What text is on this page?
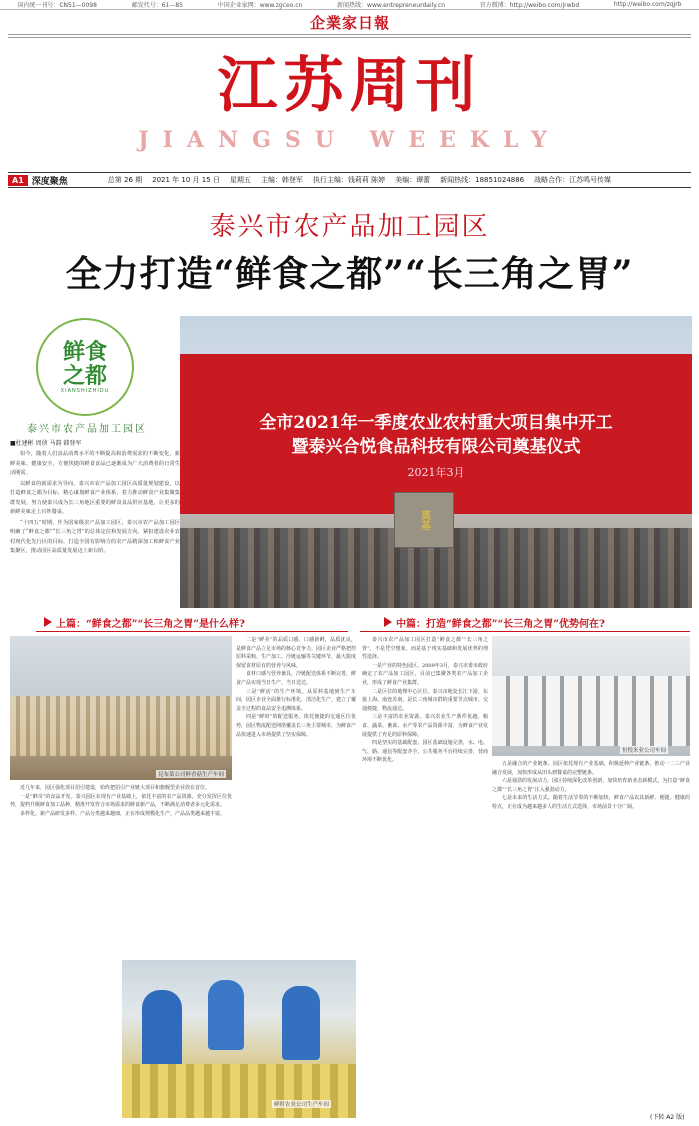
国内统一刊号：CN51—0098	邮发代号：61—85	中国企业家网：www.zgceo.cn	新闻热线：www.entrepreneurdaily.cn	官方微博：http://weibo.com/jrwbd	http://weibo.com/zqjrb
企業家日報
江苏周刊
JIANGSU WEEKLY
A1 深度聚焦	总第 26 期 2021 年 10 月 15 日 星期五 主编：韩登军 执行主编：钱莉莉 陈婷 美编：谭蕾 新闻热线：18851024886 战略合作：江苏鸣号传媒
泰兴市农产品加工园区
全力打造“鲜食之都”“长三角之胃”
鲜食
之都
XIANSHIZHIDU
泰兴市农产品加工园区
■杜建彬 周侦 马韵 韩登军

如今，随着人们食品消费水平的不断提高和消费需求的不断变化，新鲜美味、健康安全、方便快捷的鲜食食品已逐渐成为广大消费者的日常生活刚需。

以鲜食的新需求为导向，泰兴市农产品加工园区高质量规划建设，以打造鲜食之都为目标，精心谋划鲜食产业体系，着力推动鲜食产业集聚集群发展，努力使泰兴成为长三角地区重要的鲜食食品供应基地，让更多的新鲜美味走上百姓餐桌。

“十四五”时期，作为国家级农产品加工园区，泰兴市农产品加工园区明确了“鲜食之都”“长三角之胃”的总体定位和发展方向，紧扣建设农业农村现代化先行区的目标，打造全国有影响力的农产品精深加工和鲜食产业集聚区，推动园区高质量发展迈上新台阶。

全市2021年一季度农业农村重大项目集中开工
暨泰兴合悦食品科技有限公司奠基仪式
2021年3月
奠基
上篇：“鲜食之都”“长三角之胃”是什么样?	中篇：打造“鲜食之都”“长三角之胃”优势何在?
昆布菜公司鲜香菇生产车间

近几年来，园区强化项目招引建设，始终把招引产业链大项目和旗舰型企业放在首位。

一是“鲜奇”的食品开发。泰兴园区在现有产业基础上，依托丰富的农产品资源，充分发挥区位优势，提档升级鲜食加工品种，精准开发符合市场需求的鲜食新产品，不断满足消费者多元化需求。

多样化、新产品研发多样、产品分类越来越细，正在形成规模化生产，产品品类越来越丰富。

二是“鲜美”的品质口感。口感新鲜，品质优良，是鲜食产品立足市场的核心竞争力。园区企业严格把控原料采购、生产加工、冷链运输等关键环节，最大限度保留食材原有的营养与风味。

食材口感与营养兼具，冷链配送体系不断完善，鲜食产品实现当日生产、当日送达。

三是“鲜活”的生产环境。从原料基地到生产车间，园区企业全面推行标准化、清洁化生产，建立了覆盖全过程的食品安全追溯体系。

四是“鲜时”的配送服务。依托便捷的交通区位优势，园区物流配送网络覆盖长三角主要城市，为鲜食产品快速进入市场提供了坚实保障。

鲜时农业公司生产车间

泰兴市农产品加工园区打造“鲜食之都”“长三角之胃”，不是凭空想象，而是基于现实基础和发展优势的理性选择。

一是产业的特色园区。2009年3月，泰兴市委市政府确定了农产品加工园区，目前已集聚各类农产品加工企业，形成了鲜食产业集群。

二是区位的地理中心区位。泰兴市地处长江下游，东接上海、南连苏南，是长三角城市群的重要节点城市，交通便捷，物流通达。

三是丰富的农业资源。泰兴农业生产条件优越，粮食、蔬菜、畜禽、水产等农产品资源丰富，为鲜食产业发展提供了充足的原料保障。

四是坚实的基础配套。园区基础设施完善，水、电、气、路、通信等配套齐全，公共服务平台持续完善，营商环境不断优化。

恒悦米业公司车间

五是融合的产业链条。园区依托现有产业基础，积极延伸产业链条，推动一二三产业融合发展，加快形成从田头到餐桌的完整链条。

六是强劲的发展动力。园区持续深化改革创新，加快培育新业态新模式，为打造“鲜食之都”“长三角之胃”注入强劲动力。

七是未来的生活方式。随着生活节奏的不断加快，鲜食产品以其新鲜、便捷、健康的特点，正在成为越来越多人的生活方式选择，市场前景十分广阔。

(下转 A2 版)
